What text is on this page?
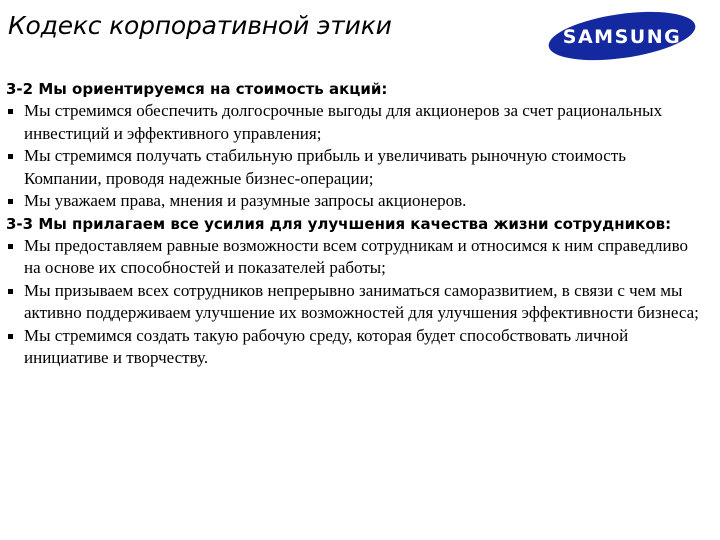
Кодекс корпоративной этики	SAMSUNG

3-2 Мы ориентируемся на стоимость акций:

Мы стремимся обеспечить долгосрочные выгоды для акционеров за счет рациональных инвестиций и эффективного управления;
Мы стремимся получать стабильную прибыль и увеличивать рыночную стоимость Компании, проводя надежные бизнес-операции;
Мы уважаем права, мнения и разумные запросы акционеров.

3-3 Мы прилагаем все усилия для улучшения качества жизни сотрудников:

Мы предоставляем равные возможности всем сотрудникам и относимся к ним справедливо на основе их способностей и показателей работы;
Мы призываем всех сотрудников непрерывно заниматься саморазвитием, в связи с чем мы активно поддерживаем улучшение их возможностей для улучшения эффективности бизнеса;
Мы стремимся создать такую рабочую среду, которая будет способствовать личной инициативе и творчеству.
